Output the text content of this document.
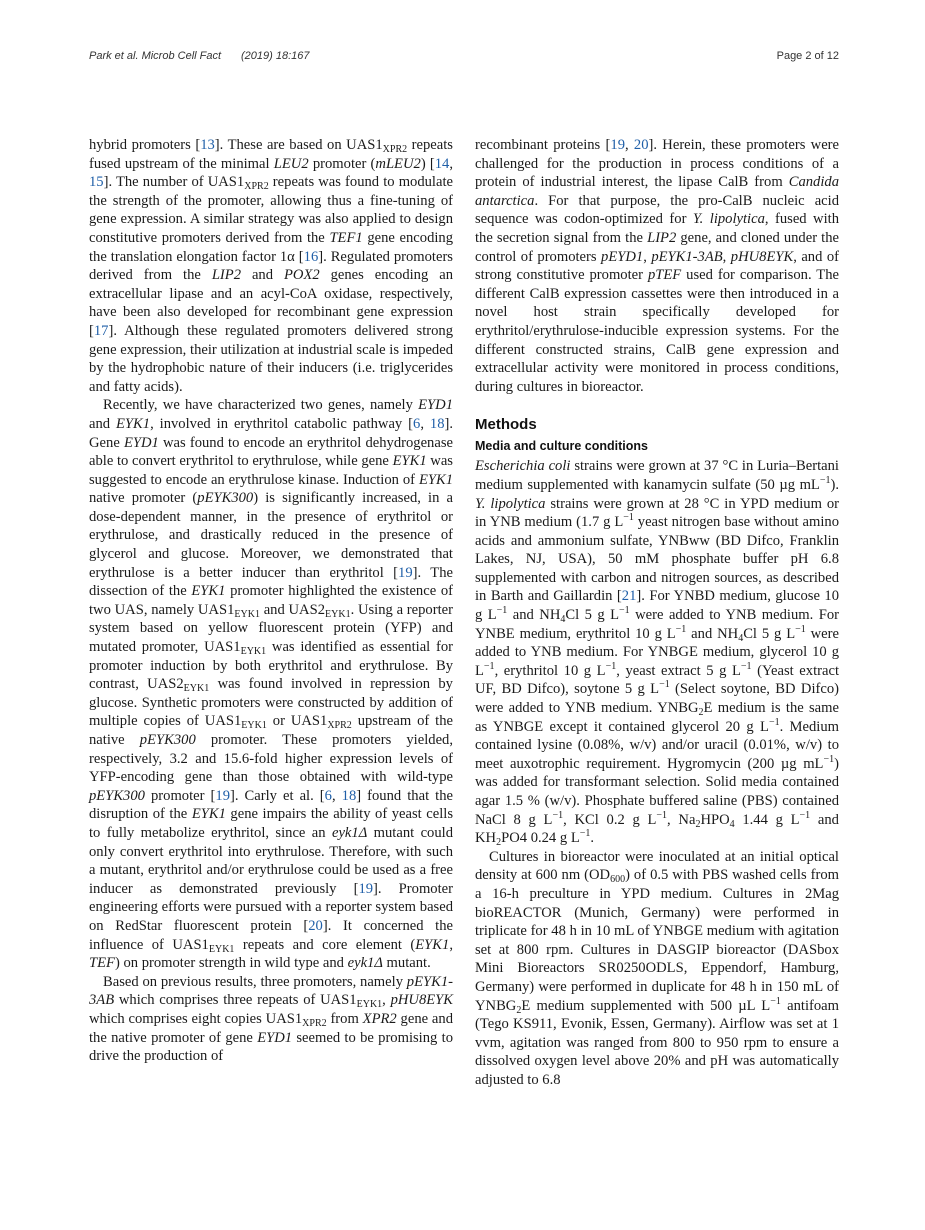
Park et al. Microb Cell Fact (2019) 18:167	Page 2 of 12

hybrid promoters [13]. These are based on $UAS1_{XPR2}$ repeats fused upstream of the minimal LEU2 promoter (mLEU2) [14, 15]. The number of $UAS1_{XPR2}$ repeats was found to modulate the strength of the promoter, allowing thus a fine-tuning of gene expression. A similar strategy was also applied to design constitutive promoters derived from the TEF1 gene encoding the translation elongation factor 1α [16]. Regulated promoters derived from the LIP2 and POX2 genes encoding an extracellular lipase and an acyl-CoA oxidase, respectively, have been also developed for recombinant gene expression [17]. Although these regulated promoters delivered strong gene expression, their utilization at industrial scale is impeded by the hydrophobic nature of their inducers (i.e. triglycerides and fatty acids).

Recently, we have characterized two genes, namely EYD1 and EYK1, involved in erythritol catabolic pathway [6, 18]. Gene EYD1 was found to encode an erythritol dehydrogenase able to convert erythritol to erythrulose, while gene EYK1 was suggested to encode an erythrulose kinase. Induction of EYK1 native promoter (pEYK300) is significantly increased, in a dose-dependent manner, in the presence of erythritol or erythrulose, and drastically reduced in the presence of glycerol and glucose. Moreover, we demonstrated that erythrulose is a better inducer than erythritol [19]. The dissection of the EYK1 promoter highlighted the existence of two UAS, namely $UAS1_{EYK1}$ and $UAS2_{EYK1}$. Using a reporter system based on yellow fluorescent protein (YFP) and mutated promoter, $UAS1_{EYK1}$ was identified as essential for promoter induction by both erythritol and erythrulose. By contrast, $UAS2_{EYK1}$ was found involved in repression by glucose. Synthetic promoters were constructed by addition of multiple copies of $UAS1_{EYK1}$ or $UAS1_{XPR2}$ upstream of the native pEYK300 promoter. These promoters yielded, respectively, 3.2 and 15.6-fold higher expression levels of YFP-encoding gene than those obtained with wild-type pEYK300 promoter [19]. Carly et al. [6, 18] found that the disruption of the EYK1 gene impairs the ability of yeast cells to fully metabolize erythritol, since an eyk1Δ mutant could only convert erythritol into erythrulose. Therefore, with such a mutant, erythritol and/or erythrulose could be used as a free inducer as demonstrated previously [19]. Promoter engineering efforts were pursued with a reporter system based on RedStar fluorescent protein [20]. It concerned the influence of $UAS1_{EYK1}$ repeats and core element (EYK1, TEF) on promoter strength in wild type and eyk1Δ mutant.

Based on previous results, three promoters, namely pEYK1-3AB which comprises three repeats of $UAS1_{EYK1}$, pHU8EYK which comprises eight copies $UAS1_{XPR2}$ from XPR2 gene and the native promoter of gene EYD1 seemed to be promising to drive the production of

recombinant proteins [19, 20]. Herein, these promoters were challenged for the production in process conditions of a protein of industrial interest, the lipase CalB from Candida antarctica. For that purpose, the pro-CalB nucleic acid sequence was codon-optimized for Y. lipolytica, fused with the secretion signal from the LIP2 gene, and cloned under the control of promoters pEYD1, pEYK1-3AB, pHU8EYK, and of strong constitutive promoter pTEF used for comparison. The different CalB expression cassettes were then introduced in a novel host strain specifically developed for erythritol/erythrulose-inducible expression systems. For the different constructed strains, CalB gene expression and extracellular activity were monitored in process conditions, during cultures in bioreactor.

Methods
Media and culture conditions

Escherichia coli strains were grown at 37 °C in Luria–Bertani medium supplemented with kanamycin sulfate (50 µg $mL^{-1}$). Y. lipolytica strains were grown at 28 °C in YPD medium or in YNB medium (1.7 g $L^{-1}$ yeast nitrogen base without amino acids and ammonium sulfate, YNBww (BD Difco, Franklin Lakes, NJ, USA), 50 mM phosphate buffer pH 6.8 supplemented with carbon and nitrogen sources, as described in Barth and Gaillardin [21]. For YNBD medium, glucose 10 g $L^{-1}$ and $NH_4Cl$ 5 g $L^{-1}$ were added to YNB medium. For YNBE medium, erythritol 10 g $L^{-1}$ and $NH_4Cl$ 5 g $L^{-1}$ were added to YNB medium. For YNBGE medium, glycerol 10 g $L^{-1}$, erythritol 10 g $L^{-1}$, yeast extract 5 g $L^{-1}$ (Yeast extract UF, BD Difco), soytone 5 g $L^{-1}$ (Select soytone, BD Difco) were added to YNB medium. $YNBG_2E$ medium is the same as YNBGE except it contained glycerol 20 g $L^{-1}$. Medium contained lysine (0.08%, w/v) and/or uracil (0.01%, w/v) to meet auxotrophic requirement. Hygromycin (200 µg $mL^{-1}$) was added for transformant selection. Solid media contained agar 1.5 % (w/v). Phosphate buffered saline (PBS) contained NaCl 8 g $L^{-1}$, KCl 0.2 g $L^{-1}$, $Na_2HPO_4$ 1.44 g $L^{-1}$ and $KH_2PO4$ 0.24 g $L^{-1}$.

Cultures in bioreactor were inoculated at an initial optical density at 600 nm $(OD_{600})$ of 0.5 with PBS washed cells from a 16-h preculture in YPD medium. Cultures in 2Mag bioREACTOR (Munich, Germany) were performed in triplicate for 48 h in 10 mL of YNBGE medium with agitation set at 800 rpm. Cultures in DASGIP bioreactor (DASbox Mini Bioreactors SR0250ODLS, Eppendorf, Hamburg, Germany) were performed in duplicate for 48 h in 150 mL of $YNBG_2E$ medium supplemented with 500 µL $L^{-1}$ antifoam (Tego KS911, Evonik, Essen, Germany). Airflow was set at 1 vvm, agitation was ranged from 800 to 950 rpm to ensure a dissolved oxygen level above 20% and pH was automatically adjusted to 6.8
